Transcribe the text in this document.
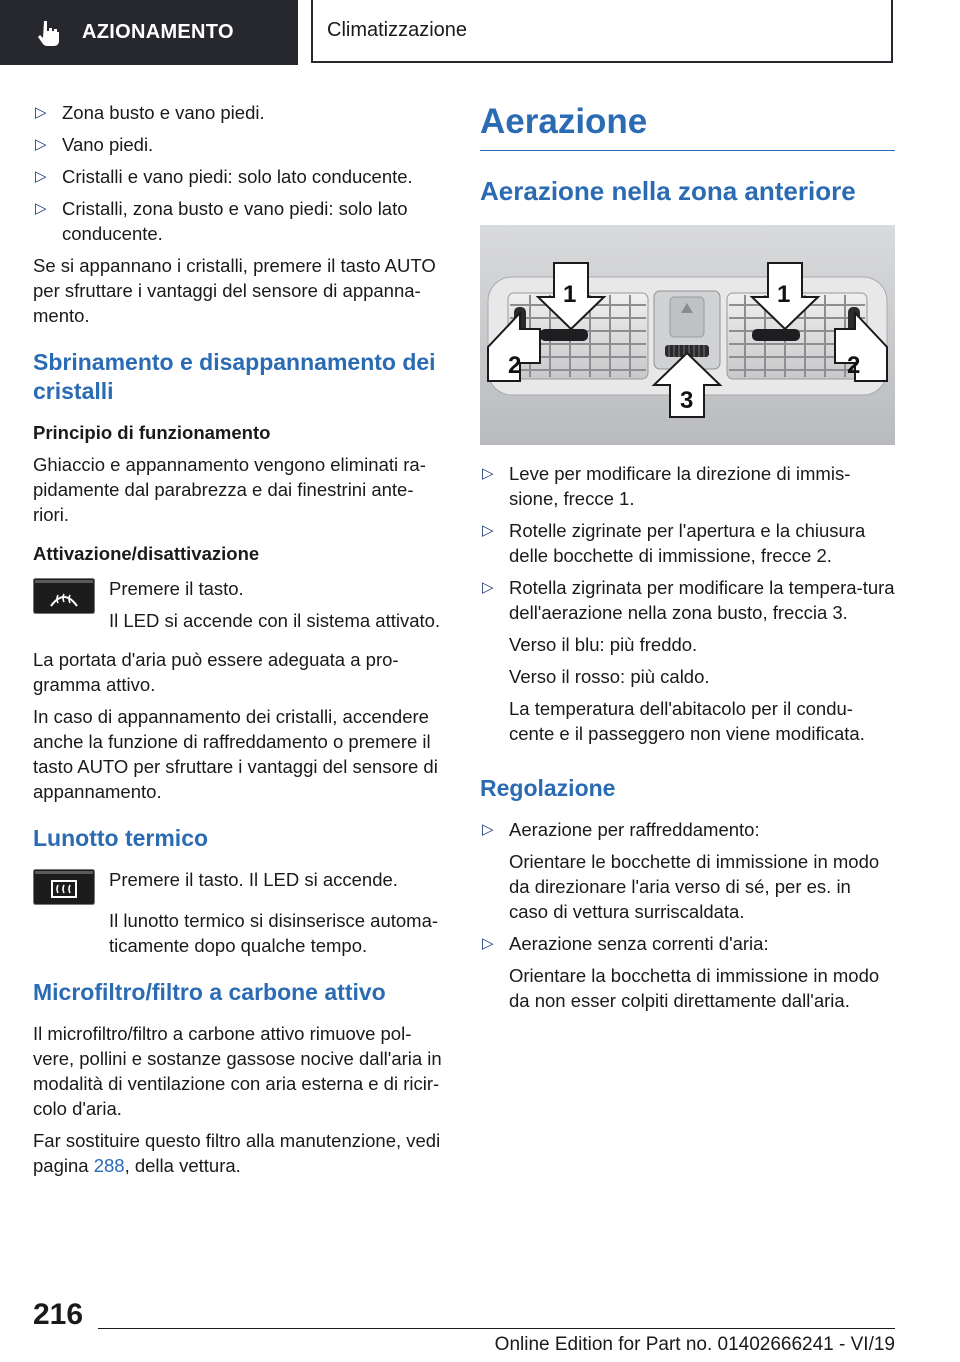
AZIONAMENTO	Climatizzazione
▷ Zona busto e vano piedi.
▷ Vano piedi.
▷ Cristalli e vano piedi: solo lato conducente.
▷ Cristalli, zona busto e vano piedi: solo lato conducente.

Se si appannano i cristalli, premere il tasto AUTO per sfruttare i vantaggi del sensore di appanna-mento.

Sbrinamento e disappannamento dei cristalli
Principio di funzionamento

Ghiaccio e appannamento vengono eliminati ra-pidamente dal parabrezza e dai finestrini ante-riori.

Attivazione/disattivazione

Premere il tasto.

Il LED si accende con il sistema attivato.

La portata d'aria può essere adeguata a pro-gramma attivo.

In caso di appannamento dei cristalli, accendere anche la funzione di raffreddamento o premere il tasto AUTO per sfruttare i vantaggi del sensore di appannamento.

Lunotto termico

Premere il tasto. Il LED si accende.

Il lunotto termico si disinserisce automa-ticamente dopo qualche tempo.

Microfiltro/filtro a carbone attivo

Il microfiltro/filtro a carbone attivo rimuove pol-vere, pollini e sostanze gassose nocive dall'aria in modalità di ventilazione con aria esterna e di ricir-colo d'aria.

Far sostituire questo filtro alla manutenzione, vedi pagina 288, della vettura.

Aerazione
Aerazione nella zona anteriore
1	1
2	2
3
▷ Leve per modificare la direzione di immis-sione, frecce 1.
▷ Rotelle zigrinate per l'apertura e la chiusura delle bocchette di immissione, frecce 2.
▷ Rotella zigrinata per modificare la tempera-tura dell'aerazione nella zona busto, freccia 3.
Verso il blu: più freddo.
Verso il rosso: più caldo.
La temperatura dell'abitacolo per il condu-cente e il passeggero non viene modificata.
Regolazione
▷ Aerazione per raffreddamento:
Orientare le bocchette di immissione in modo da direzionare l'aria verso di sé, per es. in caso di vettura surriscaldata.
▷ Aerazione senza correnti d'aria:
Orientare la bocchetta di immissione in modo da non esser colpiti direttamente dall'aria.
216
Online Edition for Part no. 01402666241 - VI/19
